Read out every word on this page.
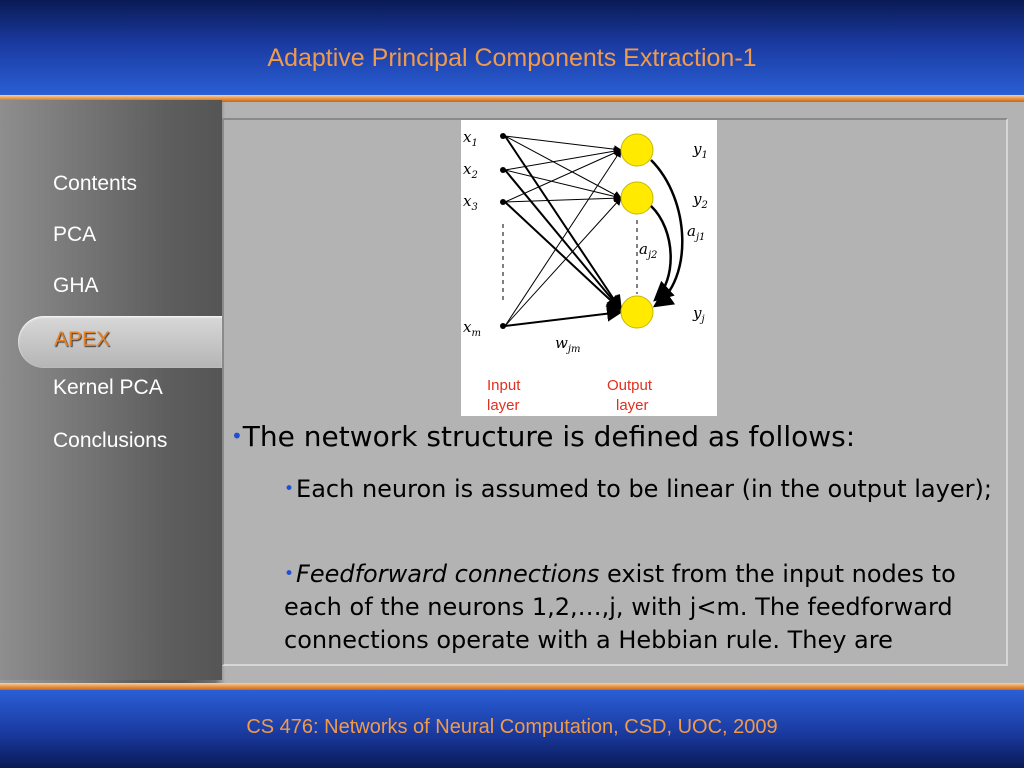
Adaptive Principal Components Extraction-1
Contents
PCA
GHA
Kernel PCA
Conclusions
APEX
$x_1$
$x_2$
$x_3$
$x_m$
$y_1$
$y_2$
$y_j$
$a_{j1}$
$a_{j2}$
$w_{jm}$
Input
layer
Output
layer
•The network structure is defined as follows:
•Each neuron is assumed to be linear (in the output layer);
•Feedforward connections exist from the input nodes to each of the neurons 1,2,…,j, with j<m. The feedforward connections operate with a Hebbian rule. They are
CS 476: Networks of Neural Computation, CSD, UOC, 2009
